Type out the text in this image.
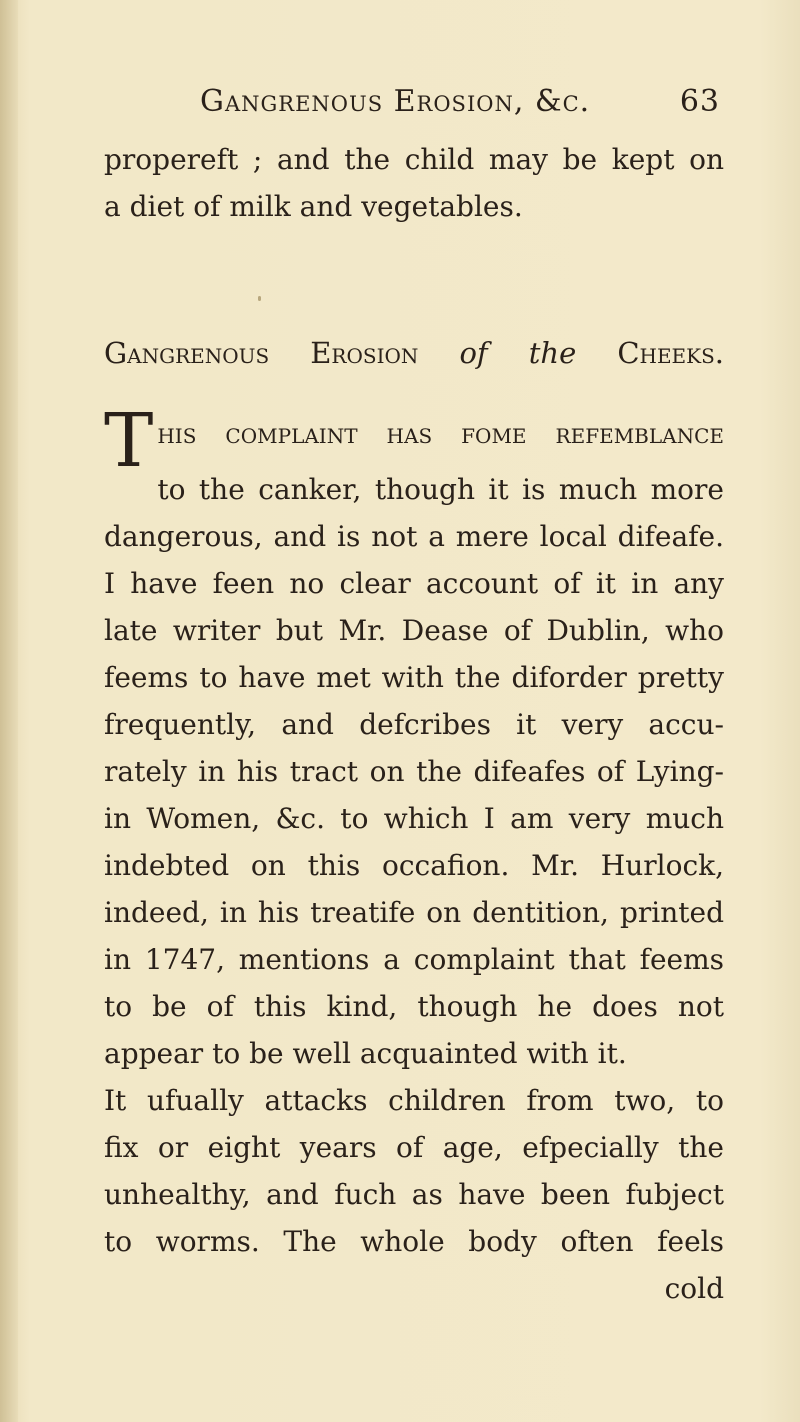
Gangrenous Erosion, &c.	63
propereft ; and the child may be kept on
a diet of milk and vegetables.
Gangrenous Erosion of the Cheeks.
This complaint has fome refemblance
to the canker, though it is much more
dangerous, and is not a mere local difeafe.
I have feen no clear account of it in any
late writer but Mr. Dease of Dublin, who
feems to have met with the diforder pretty
frequently, and defcribes it very accu-
rately in his tract on the difeafes of Lying-
in Women, &c. to which I am very much
indebted on this occafion. Mr. Hurlock,
indeed, in his treatife on dentition, printed
in 1747, mentions a complaint that feems
to be of this kind, though he does not
appear to be well acquainted with it.
It ufually attacks children from two, to
fix or eight years of age, efpecially the
unhealthy, and fuch as have been fubject
to worms. The whole body often feels
cold
